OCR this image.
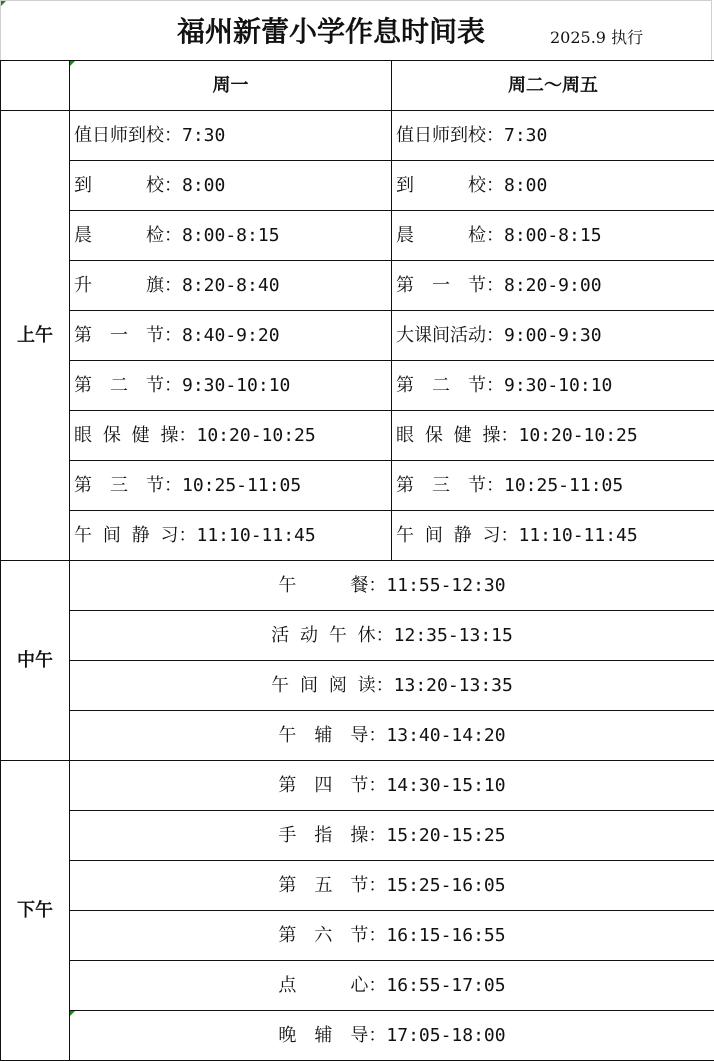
福州新蕾小学作息时间表	2025.9 执行
	周一	周二～周五
上午	值日师到校：7:30	值日师到校：7:30
	到　　　校：8:00	到　　　校：8:00
	晨　　　检：8:00-8:15	晨　　　检：8:00-8:15
	升　　　旗：8:20-8:40	第　一　节：8:20-9:00
	第　一　节：8:40-9:20	大课间活动：9:00-9:30
	第　二　节：9:30-10:10	第　二　节：9:30-10:10
	眼 保 健 操：10:20-10:25	眼 保 健 操：10:20-10:25
	第　三　节：10:25-11:05	第　三　节：10:25-11:05
	午 间 静 习：11:10-11:45	午 间 静 习：11:10-11:45
中午	午　　　餐：11:55-12:30	
	活 动 午 休：12:35-13:15	
	午 间 阅 读：13:20-13:35	
	午　辅　导：13:40-14:20	
下午	第　四　节：14:30-15:10	
	手　指　操：15:20-15:25	
	第　五　节：15:25-16:05	
	第　六　节：16:15-16:55	
	点　　　心：16:55-17:05	
	晚　辅　导：17:05-18:00	
